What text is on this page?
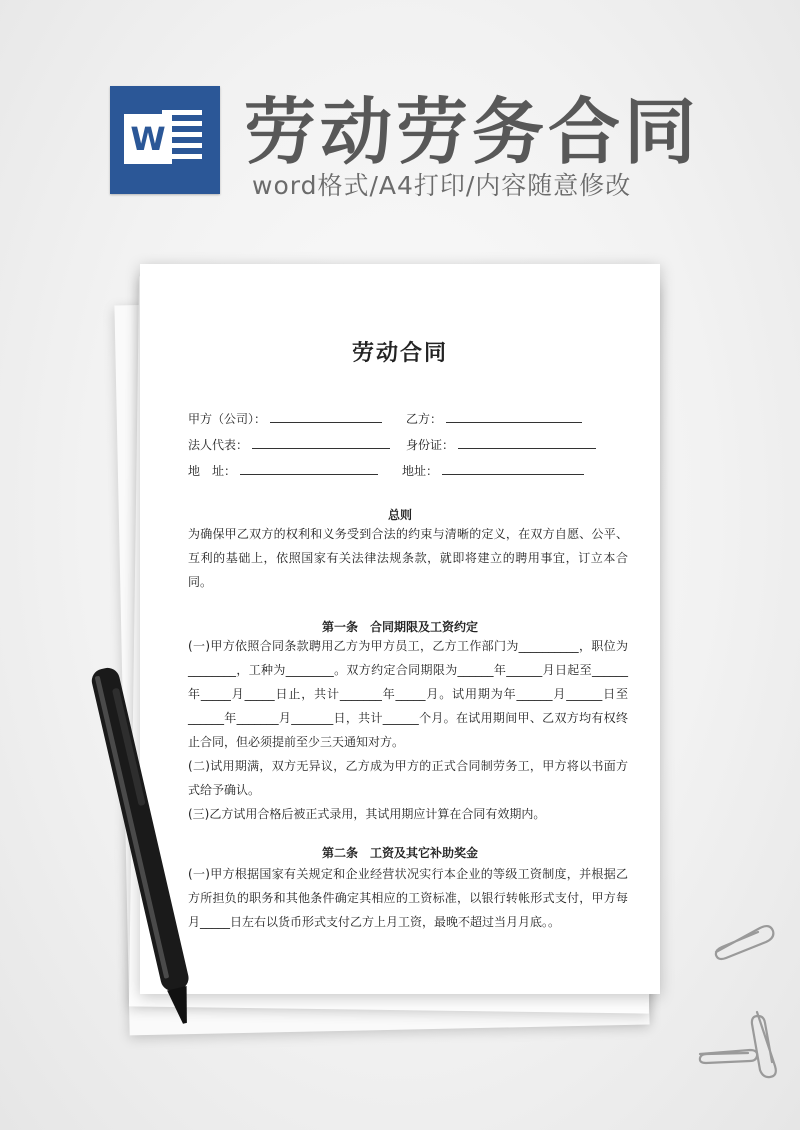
W 劳动劳务合同
word格式/A4打印/内容随意修改
劳动合同
甲方（公司）：	乙方：
法人代表：	身份证：
地　址：	地址：
总则

为确保甲乙双方的权利和义务受到合法的约束与清晰的定义，在双方自愿、公平、互利的基础上，依照国家有关法律法规条款，就即将建立的聘用事宜，订立本合同。

第一条　合同期限及工资约定

(一)甲方依照合同条款聘用乙方为甲方员工，乙方工作部门为__________，职位为________，工种为________。双方约定合同期限为______年______月日起至______年_____月_____日止，共计_______年_____月。试用期为年______月______日至______年_______月_______日，共计______个月。在试用期间甲、乙双方均有权终止合同，但必须提前至少三天通知对方。

(二)试用期满，双方无异议，乙方成为甲方的正式合同制劳务工，甲方将以书面方式给予确认。

(三)乙方试用合格后被正式录用，其试用期应计算在合同有效期内。

第二条　工资及其它补助奖金

(一)甲方根据国家有关规定和企业经营状况实行本企业的等级工资制度，并根据乙方所担负的职务和其他条件确定其相应的工资标准，以银行转帐形式支付，甲方每月_____日左右以货币形式支付乙方上月工资，最晚不超过当月月底。。
